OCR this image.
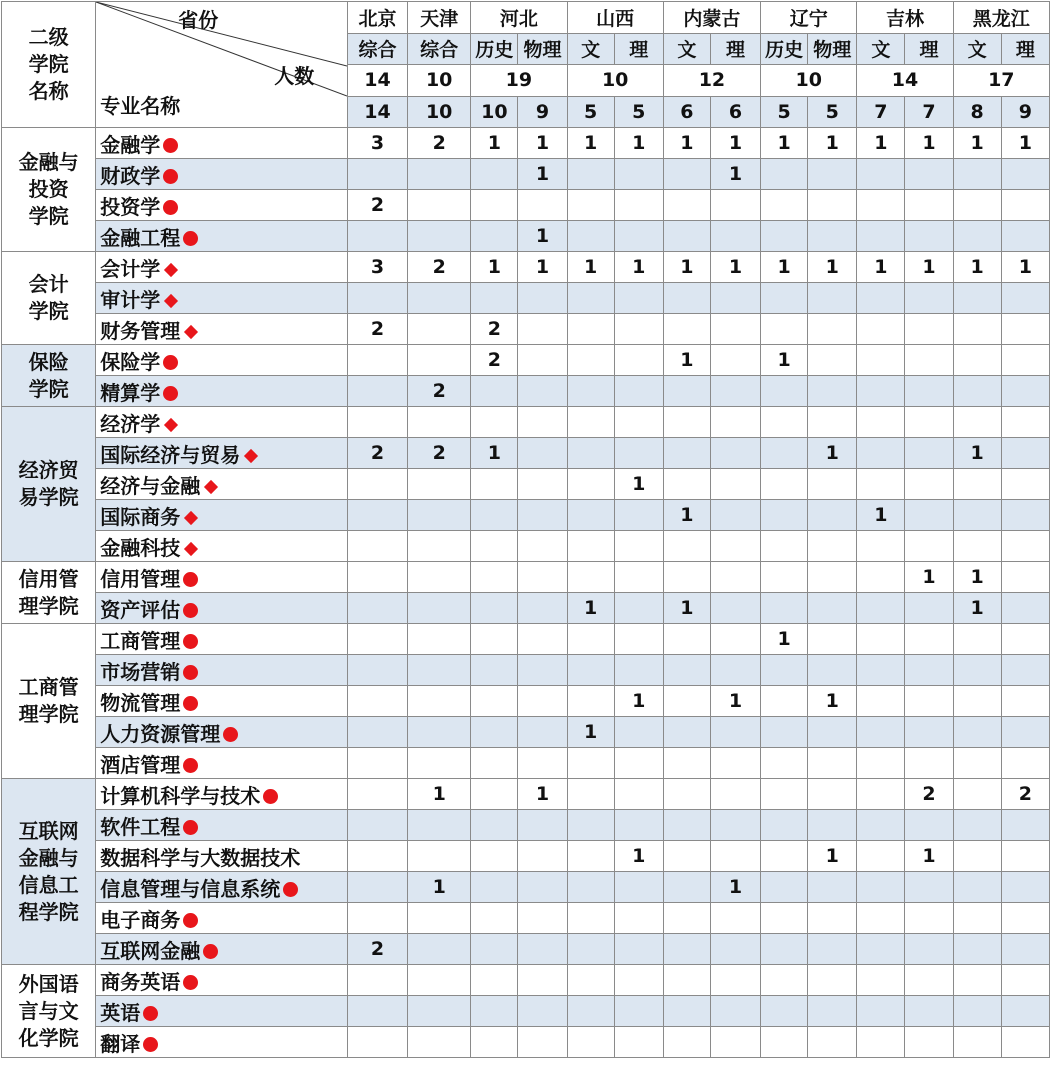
二级
学院
名称	省份
人数
专业名称	北京	天津	河北		山西		内蒙古		辽宁		吉林		黑龙江	
		综合	综合	历史	物理	文	理	文	理	历史	物理	文	理	文	理
		14	10	19		10		12		10		14		17	
		14	10	10	9	5	5	6	6	5	5	7	7	8	9
金融与
投资
学院	金融学	3	2	1	1	1	1	1	1	1	1	1	1	1	1
	财政学				1				1						
	投资学	2													
	金融工程				1										
会计
学院	会计学	3	2	1	1	1	1	1	1	1	1	1	1	1	1
	审计学														
	财务管理	2		2											
保险
学院	保险学			2				1		1					
	精算学		2												
经济贸
易学院	经济学														
	国际经济与贸易	2	2	1							1			1	
	经济与金融						1								
	国际商务							1				1			
	金融科技														
信用管
理学院	信用管理												1	1	
	资产评估					1		1						1	
工商管
理学院	工商管理									1					
	市场营销														
	物流管理						1		1		1				
	人力资源管理					1									
	酒店管理														
互联网
金融与
信息工
程学院	计算机科学与技术		1		1								2		2
	软件工程														
	数据科学与大数据技术						1				1		1		
	信息管理与信息系统		1						1						
	电子商务														
	互联网金融	2													
外国语
言与文
化学院	商务英语														
	英语														
	翻译														
